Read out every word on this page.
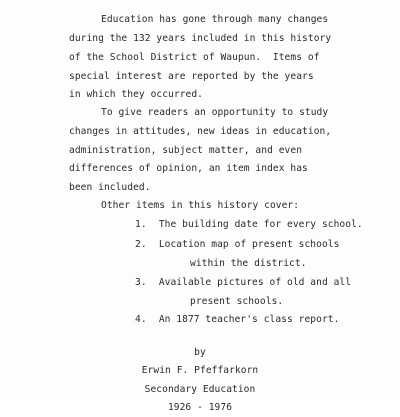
Education has gone through many changes

during the 132 years included in this history

of the School District of Waupun.  Items of

special interest are reported by the years

in which they occurred.

To give readers an opportunity to study

changes in attitudes, new ideas in education,

administration, subject matter, and even

differences of opinion, an item index has

been included.

Other items in this history cover:

1. The building date for every school.

2. Location map of present schools

within the district.

3. Available pictures of old and all

present schools.

4. An 1877 teacher's class report.

by

Erwin F. Pfeffarkorn

Secondary Education

1926 - 1976
